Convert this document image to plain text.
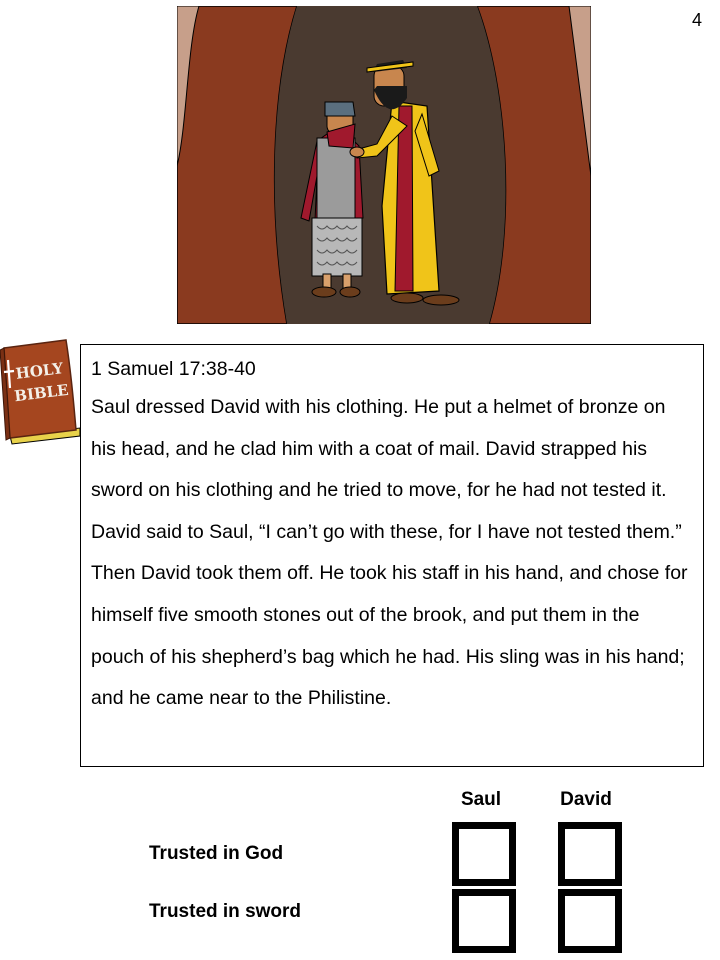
4
HOLY
BIBLE
1 Samuel 17:38-40
Saul dressed David with his clothing. He put a helmet of bronze on his head, and he clad him with a coat of mail. David strapped his sword on his clothing and he tried to move, for he had not tested it. David said to Saul, “I can’t go with these, for I have not tested them.” Then David took them off. He took his staff in his hand, and chose for himself five smooth stones out of the brook, and put them in the pouch of his shepherd’s bag which he had. His sling was in his hand; and he came near to the Philistine.
Saul	David
Trusted in God
Trusted in sword
